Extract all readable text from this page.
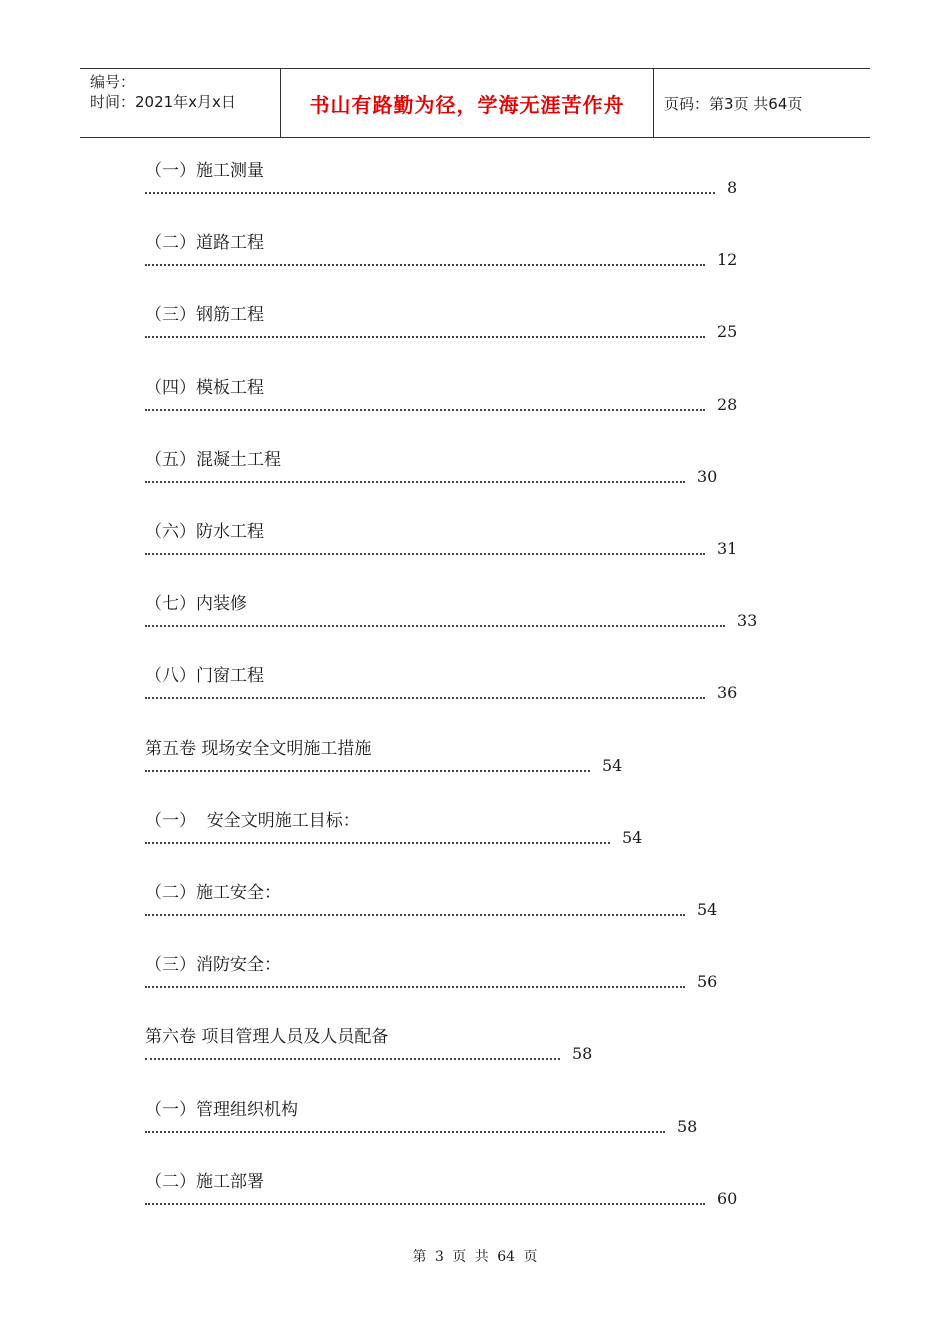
编号：
时间：2021年x月x日	书山有路勤为径，学海无涯苦作舟	页码：第3页 共64页
（一）施工测量
8
（二）道路工程
12
（三）钢筋工程
25
（四）模板工程
28
（五）混凝土工程
30
（六）防水工程
31
（七）内装修
33
（八）门窗工程
36
第五卷 现场安全文明施工措施
54
（一）  安全文明施工目标：
54
（二）施工安全：
54
（三）消防安全：
56
第六卷 项目管理人员及人员配备
58
（一）管理组织机构
58
（二）施工部署
60
第 3 页 共 64 页
